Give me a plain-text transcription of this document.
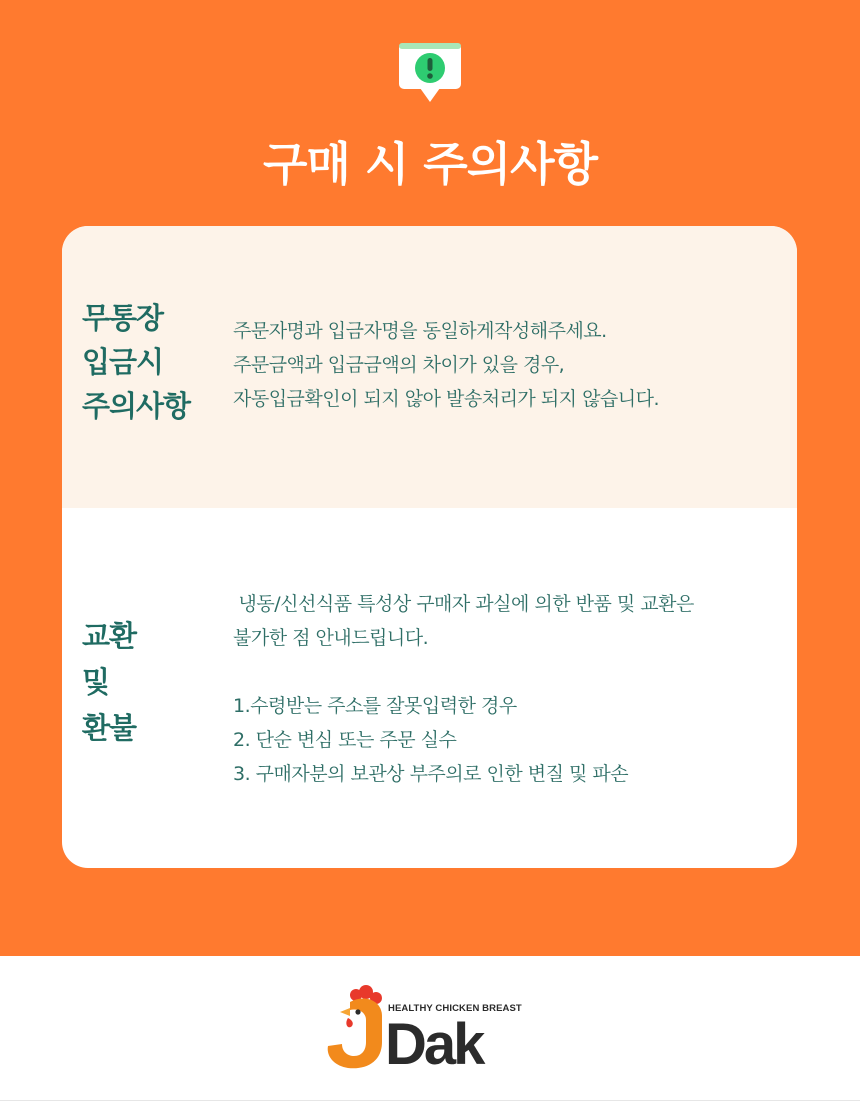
구매 시 주의사항
무통장
입금시
주의사항
주문자명과 입금자명을 동일하게작성해주세요.
주문금액과 입금금액의 차이가 있을 경우,
자동입금확인이 되지 않아 발송처리가 되지 않습니다.
교환
및
환불
냉동/신선식품 특성상 구매자 과실에 의한 반품 및 교환은
불가한 점 안내드립니다.
1.수령받는 주소를 잘못입력한 경우
2. 단순 변심 또는 주문 실수
3. 구매자분의 보관상 부주의로 인한 변질 및 파손
HEALTHY CHICKEN BREAST
Dak
